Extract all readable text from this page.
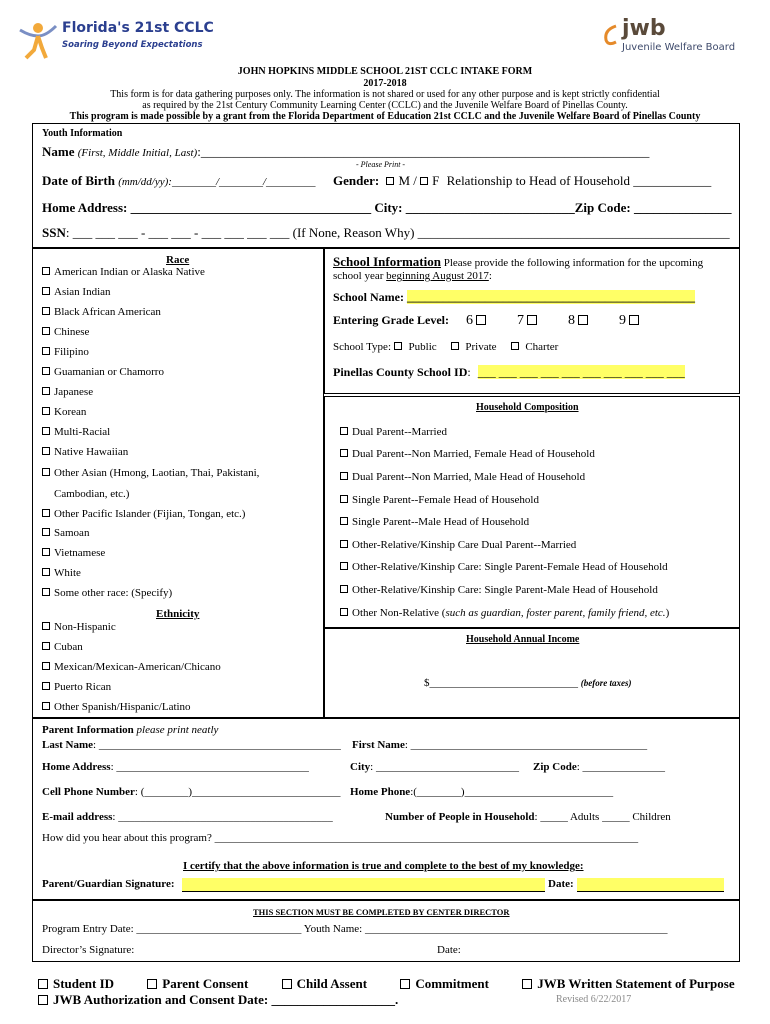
Florida's 21st CCLC
Soaring Beyond Expectations
jwb
Juvenile Welfare Board
JOHN HOPKINS MIDDLE SCHOOL 21ST CCLC INTAKE FORM
2017-2018
This form is for data gathering purposes only. The information is not shared or used for any other purpose and is kept strictly confidential
as required by the 21st Century Community Learning Center (CCLC) and the Juvenile Welfare Board of Pinellas County.
This program is made possible by a grant from the Florida Department of Education 21st CCLC and the Juvenile Welfare Board of Pinellas County
Youth Information
Name (First, Middle Initial, Last):_____________________________________________________________________
- Please Print -
Date of Birth (mm/dd/yy):________/________/_________ Gender: M / F Relationship to Head of Household ____________
Home Address: _____________________________________ City: __________________________Zip Code: _______________
SSN: ___ ___ ___ - ___ ___ - ___ ___ ___ ___ (If None, Reason Why) ________________________________________________
Race
American Indian or Alaska Native
Asian Indian
Black African American
Chinese
Filipino
Guamanian or Chamorro
Japanese
Korean
Multi-Racial
Native Hawaiian
Other Asian (Hmong, Laotian, Thai, Pakistani,
Other Pacific Islander (Fijian, Tongan, etc.)
Samoan
Vietnamese
White
Some other race: (Specify)
Cambodian, etc.)
Ethnicity
Non-Hispanic
Cuban
Mexican/Mexican-American/Chicano
Puerto Rican
Other Spanish/Hispanic/Latino
School Information Please provide the following information for the upcoming
school year beginning August 2017:
School Name: ________________________________________________
Entering Grade Level: 6	7	8	9
School Type:  Public	Private	Charter
Pinellas County School ID: ___ ___ ___ ___ ___ ___ ___ ___ ___ ___
Household Composition
Dual Parent--Married
Dual Parent--Non Married, Female Head of Household
Dual Parent--Non Married, Male Head of Household
Single Parent--Female Head of Household
Single Parent--Male Head of Household
Other-Relative/Kinship Care Dual Parent--Married
Other-Relative/Kinship Care: Single Parent-Female Head of Household
Other-Relative/Kinship Care: Single Parent-Male Head of Household
Other Non-Relative (such as guardian, foster parent, family friend, etc.)
Household Annual Income
$___________________________ (before taxes)
Parent Information please print neatly
Last Name: ____________________________________________ First Name: ___________________________________________
Home Address: ___________________________________	City: __________________________ Zip Code: _______________
Cell Phone Number: (________)___________________________ Home Phone:(________)___________________________
E-mail address: _______________________________________	Number of People in Household: _____ Adults _____ Children
How did you hear about this program? _____________________________________________________________________________
I certify that the above information is true and complete to the best of my knowledge:
Parent/Guardian Signature:	Date:
THIS SECTION MUST BE COMPLETED BY CENTER DIRECTOR
Program Entry Date: ______________________________ Youth Name: _______________________________________________________
Director’s Signature:	Date:
Student ID	Parent Consent	Child Assent	Commitment	JWB Written Statement of Purpose
JWB Authorization and Consent Date: ___________________.	Revised 6/22/2017
